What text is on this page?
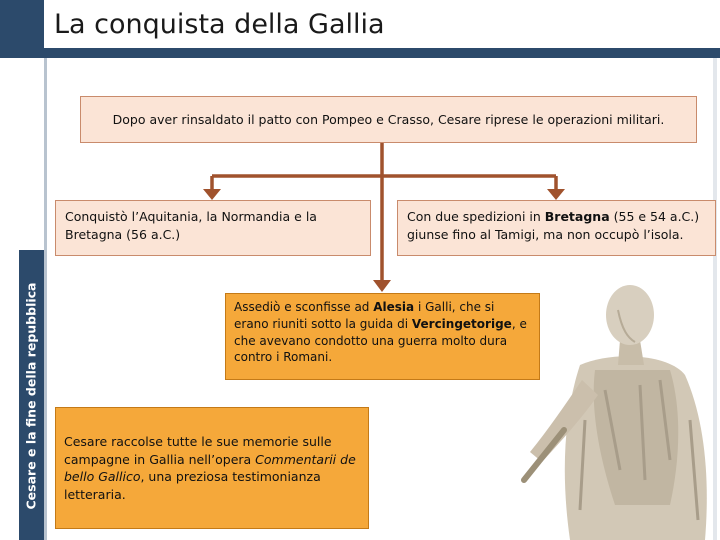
La conquista della Gallia
Cesare e la fine della repubblica
Dopo aver rinsaldato il patto con Pompeo e Crasso, Cesare riprese le operazioni militari.
Conquistò l’Aquitania, la Normandia e la Bretagna (56 a.C.)
Con due spedizioni in Bretagna (55 e 54 a.C.) giunse fino al Tamigi, ma non occupò l’isola.
Assediò e sconfisse ad Alesia i Galli, che si erano riuniti sotto la guida di Vercingetorige, e che avevano condotto una guerra molto dura contro i Romani.
Cesare raccolse tutte le sue memorie sulle campagne in Gallia nell’opera Commentarii de bello Gallico, una preziosa testimonianza letteraria.
